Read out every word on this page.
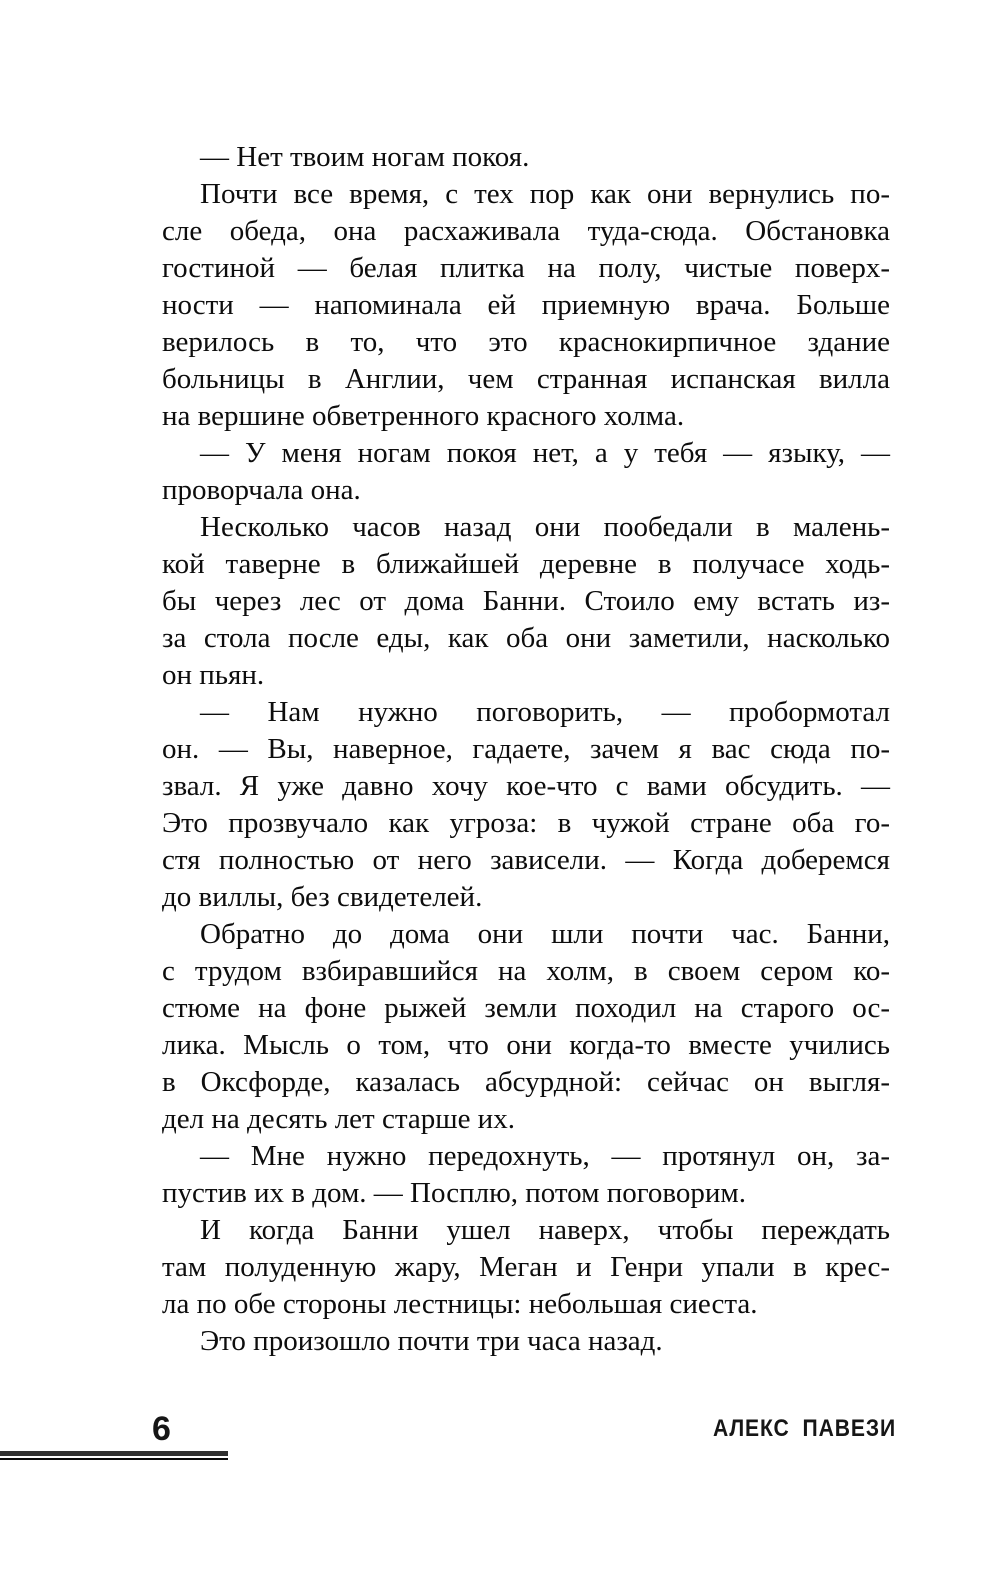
— Нет твоим ногам покоя.
Почти все время, с тех пор как они вернулись по-
сле обеда, она расхаживала туда-сюда. Обстановка
гостиной — белая плитка на полу, чистые поверх-
ности — напоминала ей приемную врача. Больше
верилось в то, что это краснокирпичное здание
больницы в Англии, чем странная испанская вилла
на вершине обветренного красного холма.
— У меня ногам покоя нет, а у тебя — языку, —
проворчала она.
Несколько часов назад они пообедали в малень-
кой таверне в ближайшей деревне в получасе ходь-
бы через лес от дома Банни. Стоило ему встать из-
за стола после еды, как оба они заметили, насколько
он пьян.
— Нам нужно поговорить, — пробормотал
он. — Вы, наверное, гадаете, зачем я вас сюда по-
звал. Я уже давно хочу кое-что с вами обсудить. —
Это прозвучало как угроза: в чужой стране оба го-
стя полностью от него зависели. — Когда доберемся
до виллы, без свидетелей.
Обратно до дома они шли почти час. Банни,
с трудом взбиравшийся на холм, в своем сером ко-
стюме на фоне рыжей земли походил на старого ос-
лика. Мысль о том, что они когда-то вместе учились
в Оксфорде, казалась абсурдной: сейчас он выгля-
дел на десять лет старше их.
— Мне нужно передохнуть, — протянул он, за-
пустив их в дом. — Посплю, потом поговорим.
И когда Банни ушел наверх, чтобы переждать
там полуденную жару, Меган и Генри упали в крес-
ла по обе стороны лестницы: небольшая сиеста.
Это произошло почти три часа назад.
6	АЛЕКС ПАВЕЗИ
